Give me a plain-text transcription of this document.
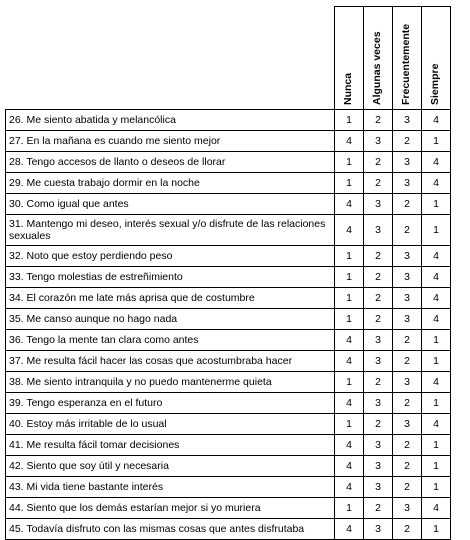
	Nunca	Algunas veces	Frecuentemente	Siempre

26. Me siento abatida y melancólica	1	2	3	4
27. En la mañana es cuando me siento mejor	4	3	2	1
28. Tengo accesos de llanto o deseos de llorar	1	2	3	4
29. Me cuesta trabajo dormir en la noche	1	2	3	4
30. Como igual que antes	4	3	2	1
31. Mantengo mi deseo, interés sexual y/o disfrute de las relaciones sexuales	4	3	2	1
32. Noto que estoy perdiendo peso	1	2	3	4
33. Tengo molestias de estreñimiento	1	2	3	4
34. El corazón me late más aprisa que de costumbre	1	2	3	4
35. Me canso aunque no hago nada	1	2	3	4
36. Tengo la mente tan clara como antes	4	3	2	1
37. Me resulta fácil hacer las cosas que acostumbraba hacer	4	3	2	1
38. Me siento intranquila y no puedo mantenerme quieta	1	2	3	4
39. Tengo esperanza en el futuro	4	3	2	1
40. Estoy más irritable de lo usual	1	2	3	4
41. Me resulta fácil tomar decisiones	4	3	2	1
42. Siento que soy útil y necesaria	4	3	2	1
43. Mi vida tiene bastante interés	4	3	2	1
44. Siento que los demás estarían mejor si yo muriera	1	2	3	4
45. Todavía disfruto con las mismas cosas que antes disfrutaba	4	3	2	1
